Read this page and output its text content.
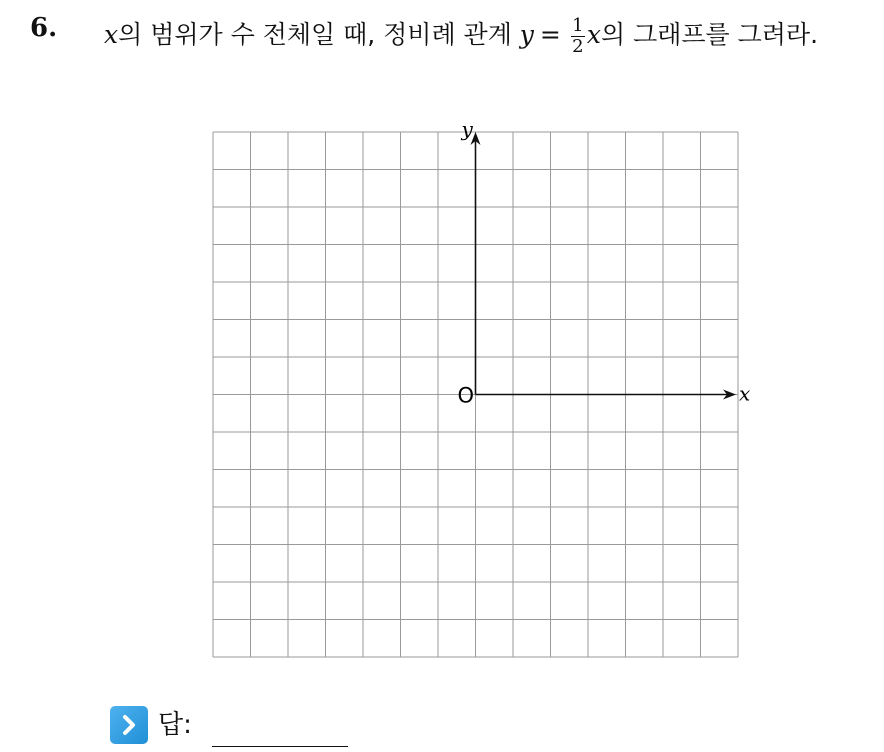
6. x 의 범위가 수 전체일 때, 정비례 관계 $y = \frac{1}{2}$ x 의 그래프를 그려라.
x
y
O
답:
